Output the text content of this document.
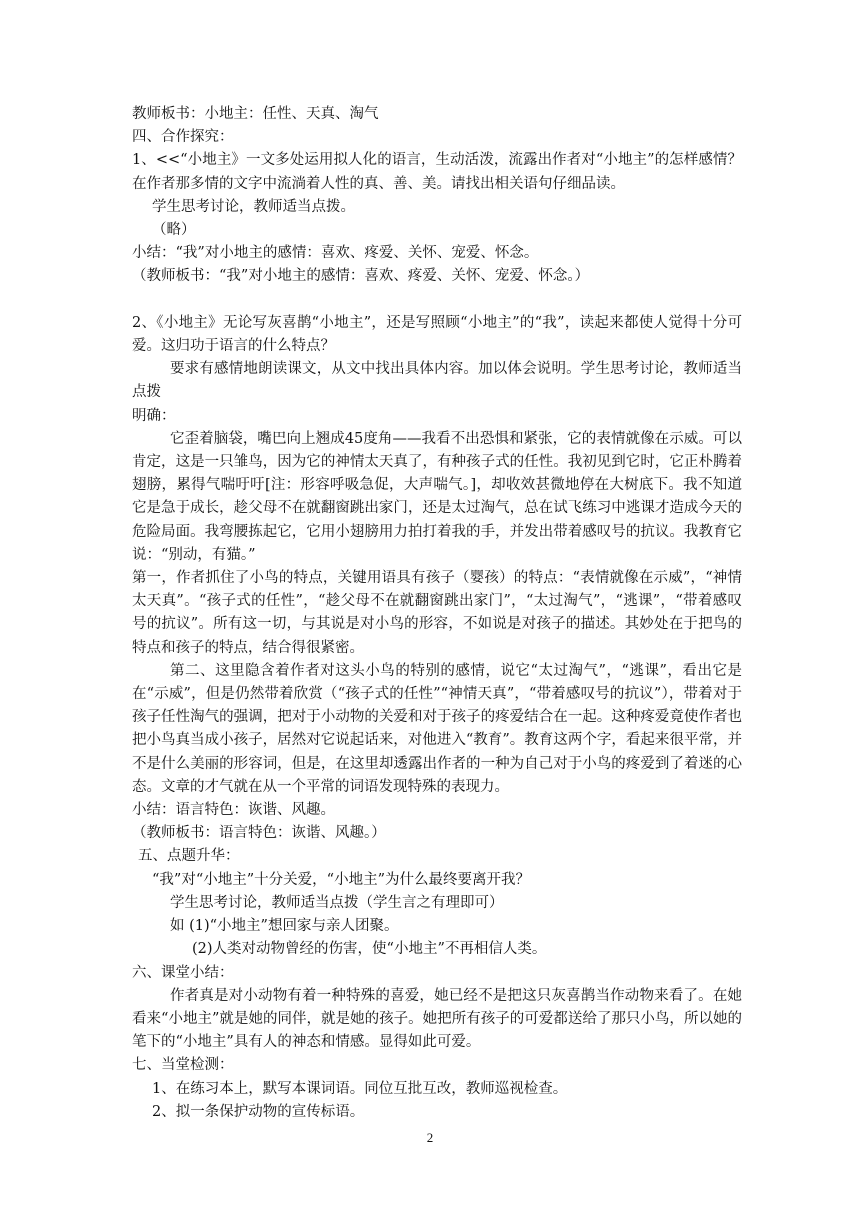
教师板书：小地主：任性、天真、淘气

四、合作探究：

1、<<“小地主》一文多处运用拟人化的语言，生动活泼，流露出作者对“小地主”的怎样感情？在作者那多情的文字中流淌着人性的真、善、美。请找出相关语句仔细品读。

学生思考讨论，教师适当点拨。

（略）

小结：“我”对小地主的感情：喜欢、疼爱、关怀、宠爱、怀念。

（教师板书：“我”对小地主的感情：喜欢、疼爱、关怀、宠爱、怀念。）

2、《小地主》无论写灰喜鹊“小地主”，还是写照顾“小地主”的“我”，读起来都使人觉得十分可爱。这归功于语言的什么特点？

要求有感情地朗读课文，从文中找出具体内容。加以体会说明。学生思考讨论，教师适当点拨

明确：

它歪着脑袋，嘴巴向上翘成45度角——我看不出恐惧和紧张，它的表情就像在示威。可以肯定，这是一只雏鸟，因为它的神情太天真了，有种孩子式的任性。我初见到它时，它正朴腾着翅膀，累得气喘吁吁[注：形容呼吸急促，大声喘气。]，却收效甚微地停在大树底下。我不知道它是急于成长，趁父母不在就翻窗跳出家门，还是太过淘气，总在试飞练习中逃课才造成今天的危险局面。我弯腰拣起它，它用小翅膀用力拍打着我的手，并发出带着感叹号的抗议。我教育它说：“别动，有猫。”

第一，作者抓住了小鸟的特点，关键用语具有孩子（婴孩）的特点：“表情就像在示威”，“神情太天真”。“孩子式的任性”，“趁父母不在就翻窗跳出家门”，“太过淘气”，“逃课”，“带着感叹号的抗议”。所有这一切，与其说是对小鸟的形容，不如说是对孩子的描述。其妙处在于把鸟的特点和孩子的特点，结合得很紧密。

第二、这里隐含着作者对这头小鸟的特别的感情，说它“太过淘气”，“逃课”，看出它是在“示威”，但是仍然带着欣赏（“孩子式的任性”“神情天真”，“带着感叹号的抗议”），带着对于孩子任性淘气的强调，把对于小动物的关爱和对于孩子的疼爱结合在一起。这种疼爱竟使作者也把小鸟真当成小孩子，居然对它说起话来，对他进入“教育”。教育这两个字，看起来很平常，并不是什么美丽的形容词，但是，在这里却透露出作者的一种为自己对于小鸟的疼爱到了着迷的心态。文章的才气就在从一个平常的词语发现特殊的表现力。

小结：语言特色：诙谐、风趣。

（教师板书：语言特色：诙谐、风趣。）

五、点题升华：

“我”对“小地主”十分关爱，“小地主”为什么最终要离开我？

学生思考讨论，教师适当点拨（学生言之有理即可）

如 (1)“小地主”想回家与亲人团聚。

(2)人类对动物曾经的伤害，使“小地主”不再相信人类。

六、课堂小结：

作者真是对小动物有着一种特殊的喜爱，她已经不是把这只灰喜鹊当作动物来看了。在她看来“小地主”就是她的同伴，就是她的孩子。她把所有孩子的可爱都送给了那只小鸟，所以她的笔下的“小地主”具有人的神态和情感。显得如此可爱。

七、当堂检测：

1、在练习本上，默写本课词语。同位互批互改，教师巡视检查。

2、拟一条保护动物的宣传标语。

2
